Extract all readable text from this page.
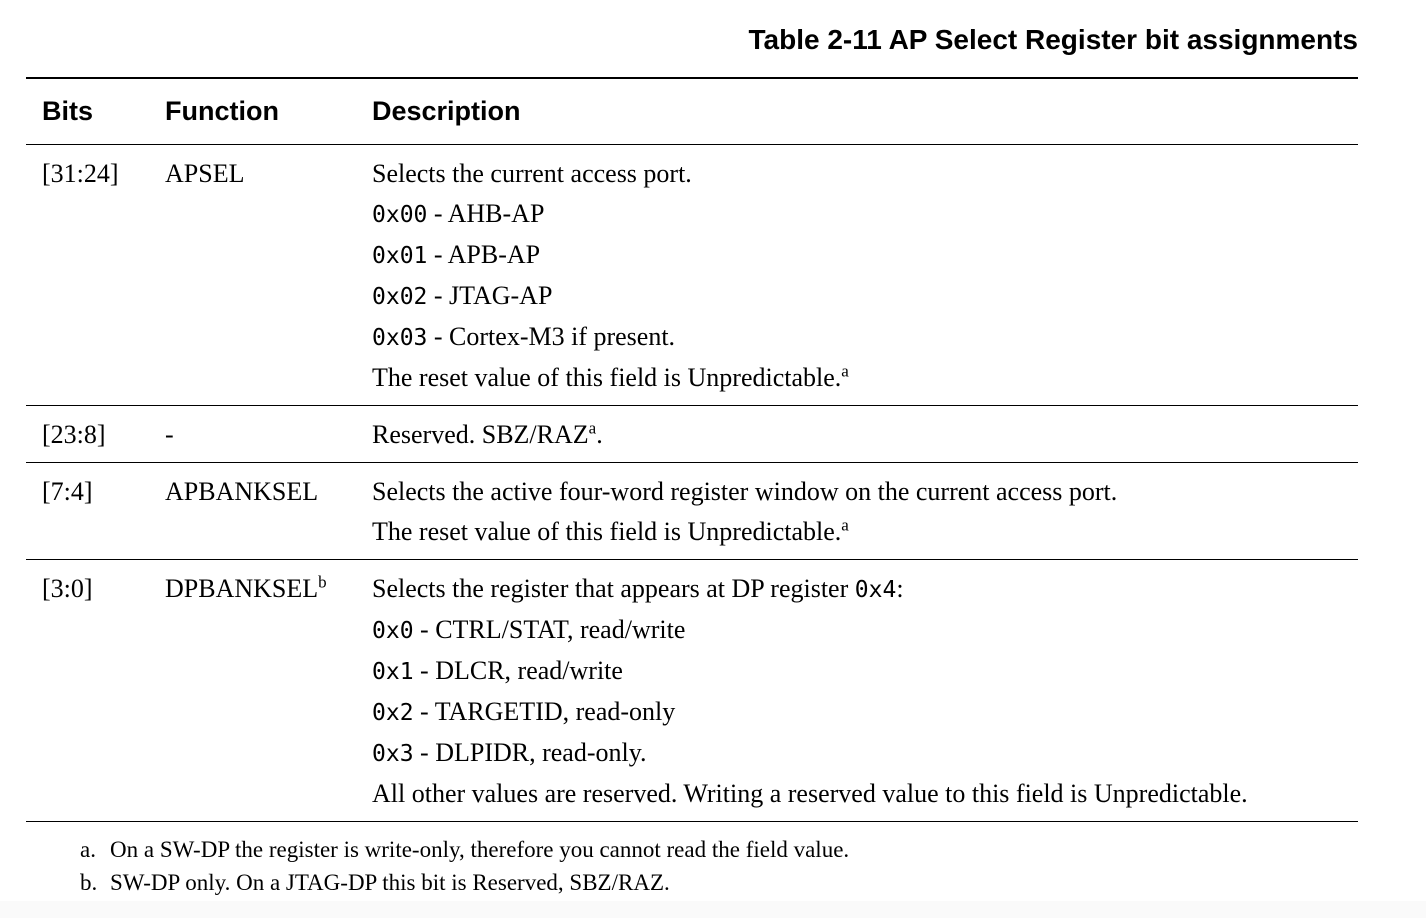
Table 2-11 AP Select Register bit assignments
Bits	Function	Description
[31:24]	APSEL	Selects the current access port.
0x00 - AHB-AP
0x01 - APB-AP
0x02 - JTAG-AP
0x03 - Cortex-M3 if present.
The reset value of this field is Unpredictable.$^a$
[23:8]	-	Reserved. SBZ/RAZ$^a$.
[7:4]	APBANKSEL	Selects the active four-word register window on the current access port.
The reset value of this field is Unpredictable.$^a$
[3:0]	DPBANKSEL$^b$	Selects the register that appears at DP register 0x4:
0x0 - CTRL/STAT, read/write
0x1 - DLCR, read/write
0x2 - TARGETID, read-only
0x3 - DLPIDR, read-only.
All other values are reserved. Writing a reserved value to this field is Unpredictable.
a. On a SW-DP the register is write-only, therefore you cannot read the field value.
b. SW-DP only. On a JTAG-DP this bit is Reserved, SBZ/RAZ.
